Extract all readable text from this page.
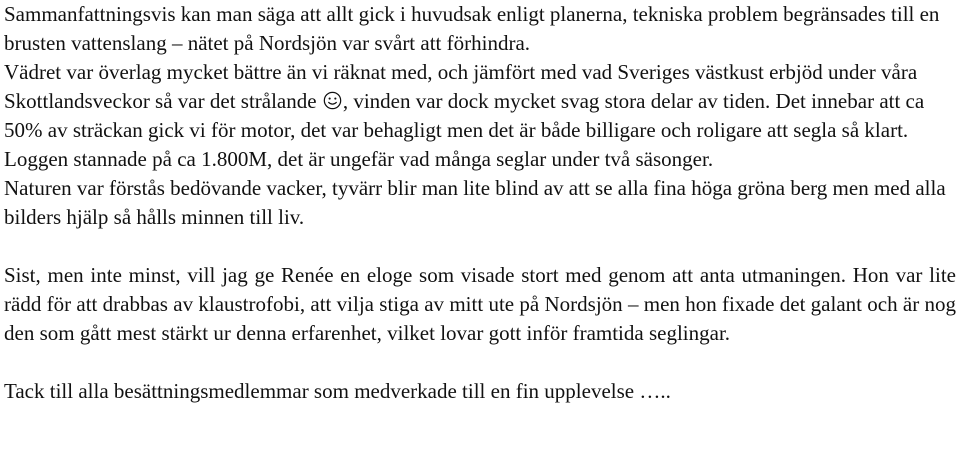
Sammanfattningsvis kan man säga att allt gick i huvudsak enligt planerna, tekniska problem begränsades till en brusten vattenslang – nätet på Nordsjön var svårt att förhindra.

Vädret var överlag mycket bättre än vi räknat med, och jämfört med vad Sveriges västkust erbjöd under våra Skottlandsveckor så var det strålande , vinden var dock mycket svag stora delar av tiden. Det innebar att ca 50% av sträckan gick vi för motor, det var behagligt men det är både billigare och roligare att segla så klart. Loggen stannade på ca 1.800M, det är ungefär vad många seglar under två säsonger.

Naturen var förstås bedövande vacker, tyvärr blir man lite blind av att se alla fina höga gröna berg men med alla bilders hjälp så hålls minnen till liv.

Sist, men inte minst, vill jag ge Renée en eloge som visade stort med genom att anta utmaningen. Hon var lite rädd för att drabbas av klaustrofobi, att vilja stiga av mitt ute på Nordsjön – men hon fixade det galant och är nog den som gått mest stärkt ur denna erfarenhet, vilket lovar gott inför framtida seglingar.

Tack till alla besättningsmedlemmar som medverkade till en fin upplevelse …..
